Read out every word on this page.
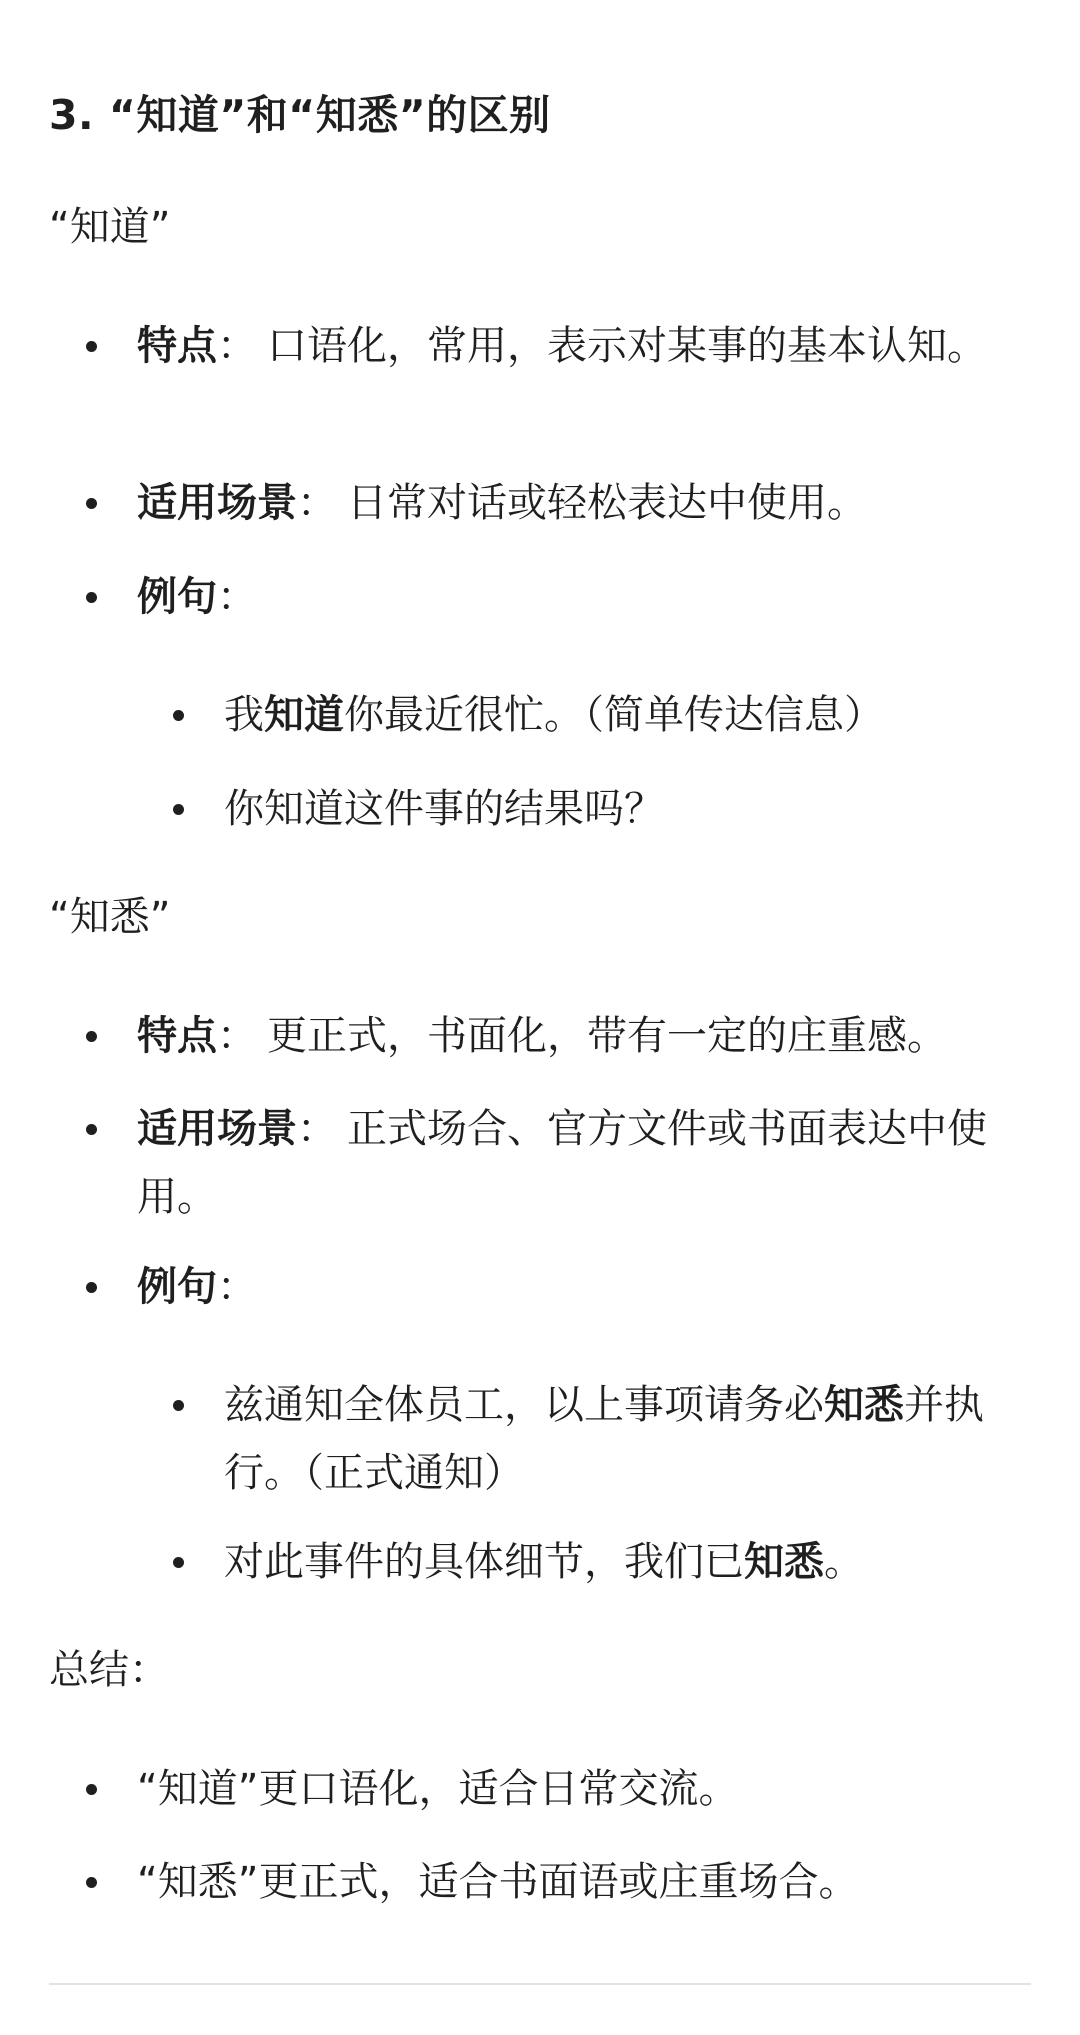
3. “知道”和“知悉”的区别

“知道”

特点： 口语化，常用，表示对某事的基本认知。
适用场景： 日常对话或轻松表达中使用。
例句：
我知道你最近很忙。（简单传达信息）
你知道这件事的结果吗？

“知悉”

特点： 更正式，书面化，带有一定的庄重感。
适用场景： 正式场合、官方文件或书面表达中使用。
例句：
兹通知全体员工，以上事项请务必知悉并执行。（正式通知）
对此事件的具体细节，我们已知悉。

总结：

“知道”更口语化，适合日常交流。
“知悉”更正式，适合书面语或庄重场合。
